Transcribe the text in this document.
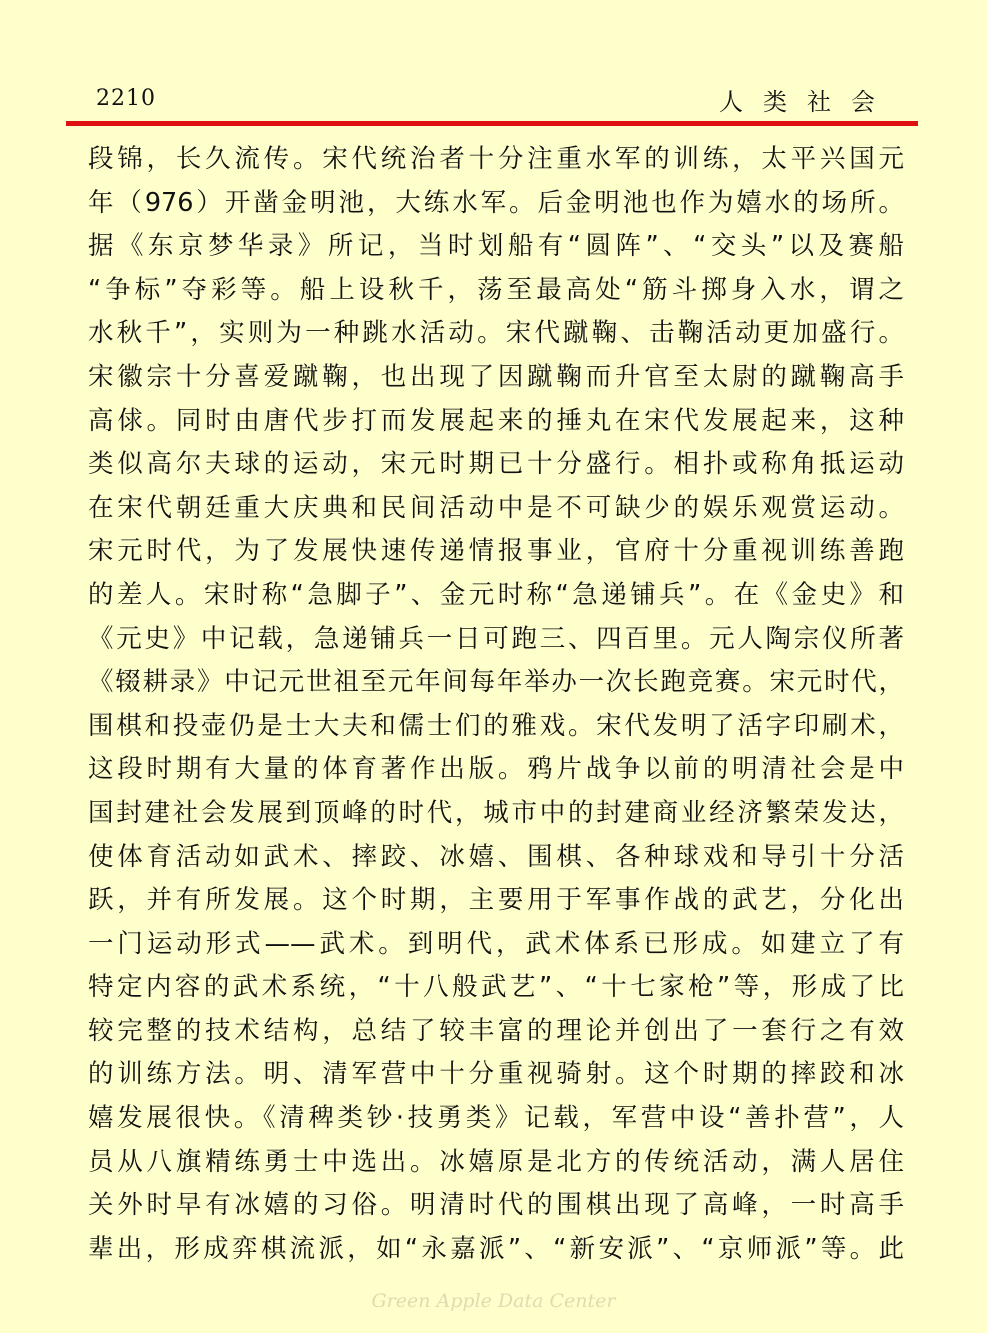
2210	人类社会
段锦，长久流传。宋代统治者十分注重水军的训练，太平兴国元
年（976）开凿金明池，大练水军。后金明池也作为嬉水的场所。
据《东京梦华录》所记，当时划船有“圆阵”、“交头”以及赛船
“争标”夺彩等。船上设秋千，荡至最高处“筋斗掷身入水，谓之
水秋千”，实则为一种跳水活动。宋代蹴鞠、击鞠活动更加盛行。
宋徽宗十分喜爱蹴鞠，也出现了因蹴鞠而升官至太尉的蹴鞠高手
高俅。同时由唐代步打而发展起来的捶丸在宋代发展起来，这种
类似高尔夫球的运动，宋元时期已十分盛行。相扑或称角抵运动
在宋代朝廷重大庆典和民间活动中是不可缺少的娱乐观赏运动。
宋元时代，为了发展快速传递情报事业，官府十分重视训练善跑
的差人。宋时称“急脚子”、金元时称“急递铺兵”。在《金史》和
《元史》中记载，急递铺兵一日可跑三、四百里。元人陶宗仪所著
《辍耕录》中记元世祖至元年间每年举办一次长跑竞赛。宋元时代，
围棋和投壶仍是士大夫和儒士们的雅戏。宋代发明了活字印刷术，
这段时期有大量的体育著作出版。鸦片战争以前的明清社会是中
国封建社会发展到顶峰的时代，城市中的封建商业经济繁荣发达，
使体育活动如武术、摔跤、冰嬉、围棋、各种球戏和导引十分活
跃，并有所发展。这个时期，主要用于军事作战的武艺，分化出
一门运动形式——武术。到明代，武术体系已形成。如建立了有
特定内容的武术系统，“十八般武艺”、“十七家枪”等，形成了比
较完整的技术结构，总结了较丰富的理论并创出了一套行之有效
的训练方法。明、清军营中十分重视骑射。这个时期的摔跤和冰
嬉发展很快。《清稗类钞·技勇类》记载，军营中设“善扑营”，人
员从八旗精练勇士中选出。冰嬉原是北方的传统活动，满人居住
关外时早有冰嬉的习俗。明清时代的围棋出现了高峰，一时高手
辈出，形成弈棋流派，如“永嘉派”、“新安派”、“京师派”等。此
Green Apple Data Center
